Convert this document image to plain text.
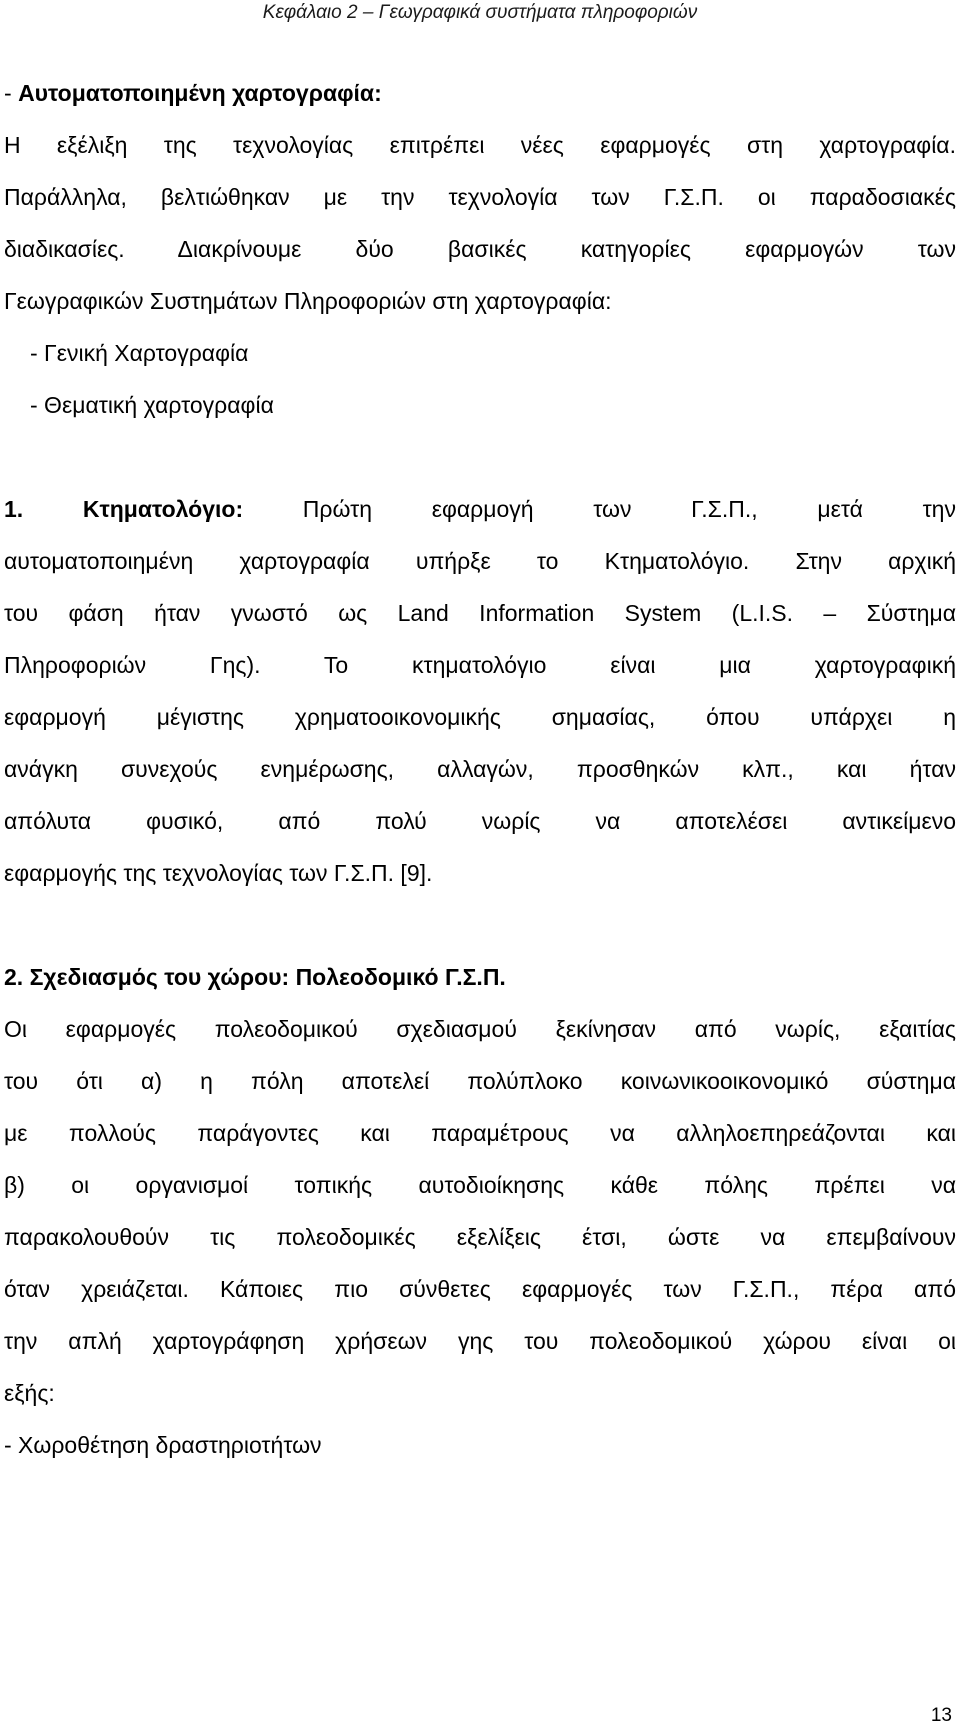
Κεφάλαιο 2 – Γεωγραφικά συστήματα πληροφοριών
- Αυτοματοποιημένη χαρτογραφία:
Η εξέλιξη της τεχνολογίας επιτρέπει νέες εφαρμογές στη χαρτογραφία.
Παράλληλα, βελτιώθηκαν με την τεχνολογία των Γ.Σ.Π. οι παραδοσιακές
διαδικασίες. Διακρίνουμε δύο βασικές κατηγορίες εφαρμογών των
Γεωγραφικών Συστημάτων Πληροφοριών στη χαρτογραφία:
- Γενική Χαρτογραφία
- Θεματική χαρτογραφία
1. Κτηματολόγιο: Πρώτη εφαρμογή των Γ.Σ.Π., μετά την
αυτοματοποιημένη χαρτογραφία υπήρξε το Κτηματολόγιο. Στην αρχική
του φάση ήταν γνωστό ως Land Information System (L.I.S. – Σύστημα
Πληροφοριών Γης). Το κτηματολόγιο είναι μια χαρτογραφική
εφαρμογή μέγιστης χρηματοοικονομικής σημασίας, όπου υπάρχει η
ανάγκη συνεχούς ενημέρωσης, αλλαγών, προσθηκών κλπ., και ήταν
απόλυτα φυσικό, από πολύ νωρίς να αποτελέσει αντικείμενο
εφαρμογής της τεχνολογίας των Γ.Σ.Π. [9].
2. Σχεδιασμός του χώρου: Πολεοδομικό Γ.Σ.Π.
Οι εφαρμογές πολεοδομικού σχεδιασμού ξεκίνησαν από νωρίς, εξαιτίας
του ότι α) η πόλη αποτελεί πολύπλοκο κοινωνικοοικονομικό σύστημα
με πολλούς παράγοντες και παραμέτρους να αλληλοεπηρεάζονται και
β) οι οργανισμοί τοπικής αυτοδιοίκησης κάθε πόλης πρέπει να
παρακολουθούν τις πολεοδομικές εξελίξεις έτσι, ώστε να επεμβαίνουν
όταν χρειάζεται. Κάποιες πιο σύνθετες εφαρμογές των Γ.Σ.Π., πέρα από
την απλή χαρτογράφηση χρήσεων γης του πολεοδομικού χώρου είναι οι
εξής:
- Χωροθέτηση δραστηριοτήτων
13
